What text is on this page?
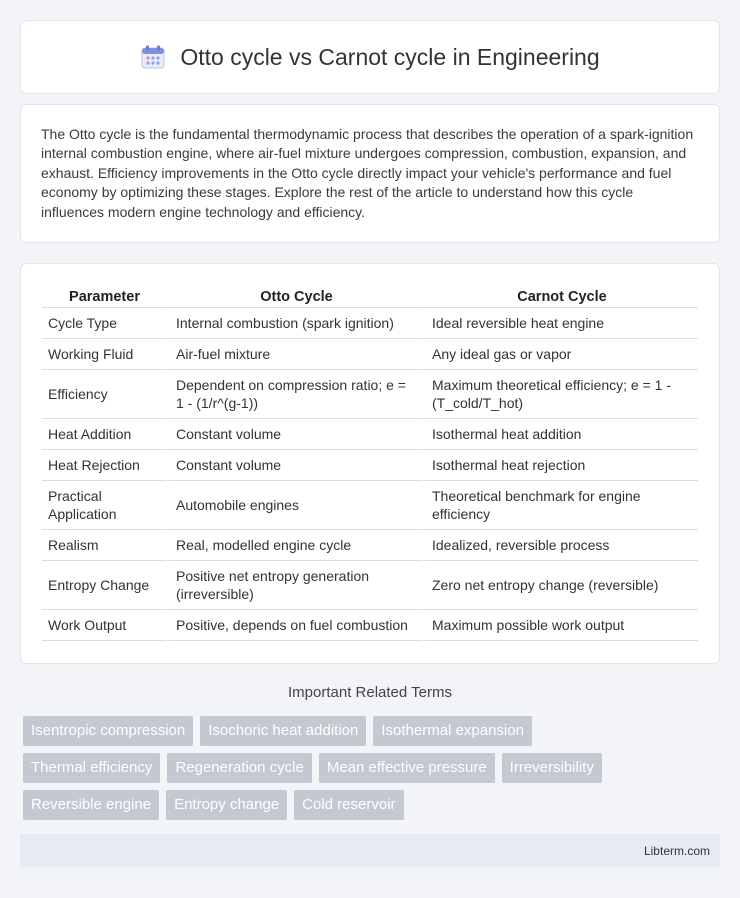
Otto cycle vs Carnot cycle in Engineering

The Otto cycle is the fundamental thermodynamic process that describes the operation of a spark-ignition internal combustion engine, where air-fuel mixture undergoes compression, combustion, expansion, and exhaust. Efficiency improvements in the Otto cycle directly impact your vehicle's performance and fuel economy by optimizing these stages. Explore the rest of the article to understand how this cycle influences modern engine technology and efficiency.

Parameter	Otto Cycle	Carnot Cycle
Cycle Type	Internal combustion (spark ignition)	Ideal reversible heat engine
Working Fluid	Air-fuel mixture	Any ideal gas or vapor
Efficiency	Dependent on compression ratio; e = 1 - (1/r^(g-1))	Maximum theoretical efficiency; e = 1 - (T_cold/T_hot)
Heat Addition	Constant volume	Isothermal heat addition
Heat Rejection	Constant volume	Isothermal heat rejection
Practical Application	Automobile engines	Theoretical benchmark for engine efficiency
Realism	Real, modelled engine cycle	Idealized, reversible process
Entropy Change	Positive net entropy generation (irreversible)	Zero net entropy change (reversible)
Work Output	Positive, depends on fuel combustion	Maximum possible work output
Important Related Terms
Isentropic compression	Isochoric heat addition	Isothermal expansion
Thermal efficiency	Regeneration cycle	Mean effective pressure	Irreversibility
Reversible engine	Entropy change	Cold reservoir
Libterm.com
